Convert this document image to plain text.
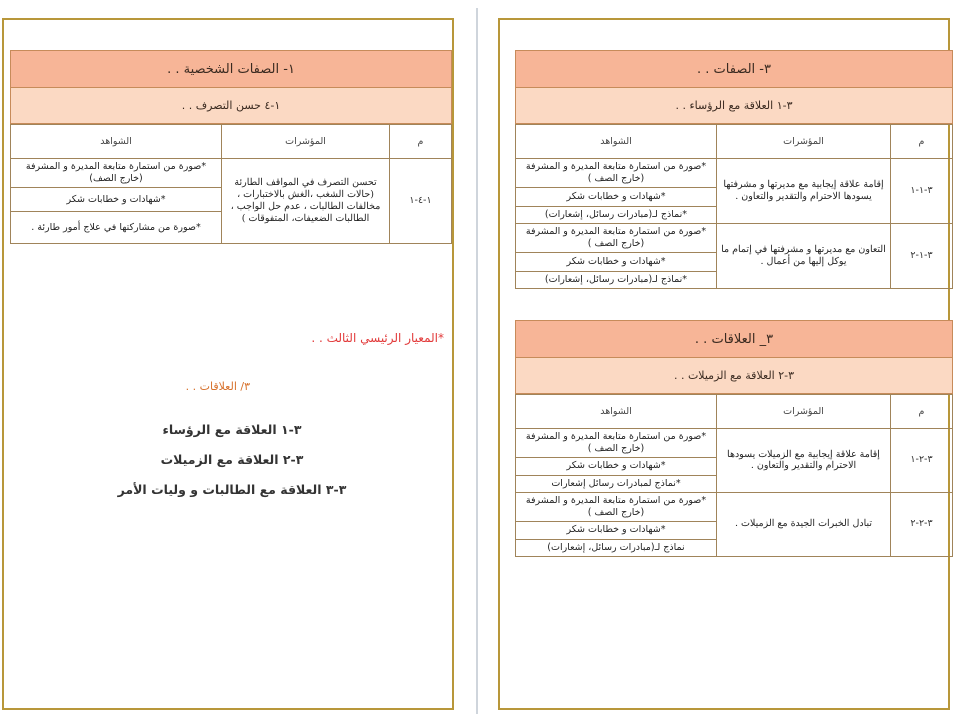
١- الصفات الشخصية . .
١-٤ حسن التصرف . .
م	المؤشرات	الشواهد
١-٤-١	تحسن التصرف في المواقف الطارئة (حالات الشغب ،الغش بالاختبارات ، مخالفات الطالبات ، عدم حل الواجب ، الطالبات الضعيفات، المتفوقات )	*صورة من استمارة متابعة المديرة و المشرفة (خارج الصف)
		*شهادات و خطابات شكر
		*صورة من مشاركتها في علاج أمور طارئة .
*المعيار الرئيسي الثالث . .
٣/ العلاقات . .
٣-١ العلاقة مع الرؤساء
٣-٢ العلاقة مع الزميلات
٣-٣ العلاقة مع الطالبات و وليات الأمر
٣- الصفات . .
٣-١ العلاقة مع الرؤساء . .
م	المؤشرات	الشواهد
٣-١-١	إقامة علاقة إيجابية مع مديرتها و مشرفتها يسودها الاحترام والتقدير والتعاون .	*صورة من استمارة متابعة المديرة و المشرفة (خارج الصف )
		*شهادات و خطابات شكر
		*نماذج لـ(مبادرات رسائل، إشعارات)
٣-١-٢	التعاون مع مديرتها و مشرفتها في إتمام ما يوكل إليها من أعمال .	*صورة من استمارة متابعة المديرة و المشرفة (خارج الصف )
		*شهادات و خطابات شكر
		*نماذج لـ(مبادرات رسائل، إشعارات)
٣_ العلاقات . .
٣-٢ العلاقة مع الزميلات . .
م	المؤشرات	الشواهد
٣-٢-١	إقامة علاقة إيجابية مع الزميلات يسودها الاحترام والتقدير والتعاون .	*صورة من استمارة متابعة المديرة و المشرفة (خارج الصف )
		*شهادات و خطابات شكر
		*نماذج لمبادرات رسائل إشعارات
٣-٢-٢	تبادل الخبرات الجيدة مع الزميلات .	*صورة من استمارة متابعة المديرة و المشرفة (خارج الصف )
		*شهادات و خطابات شكر
		نماذج لـ(مبادرات رسائل، إشعارات)
